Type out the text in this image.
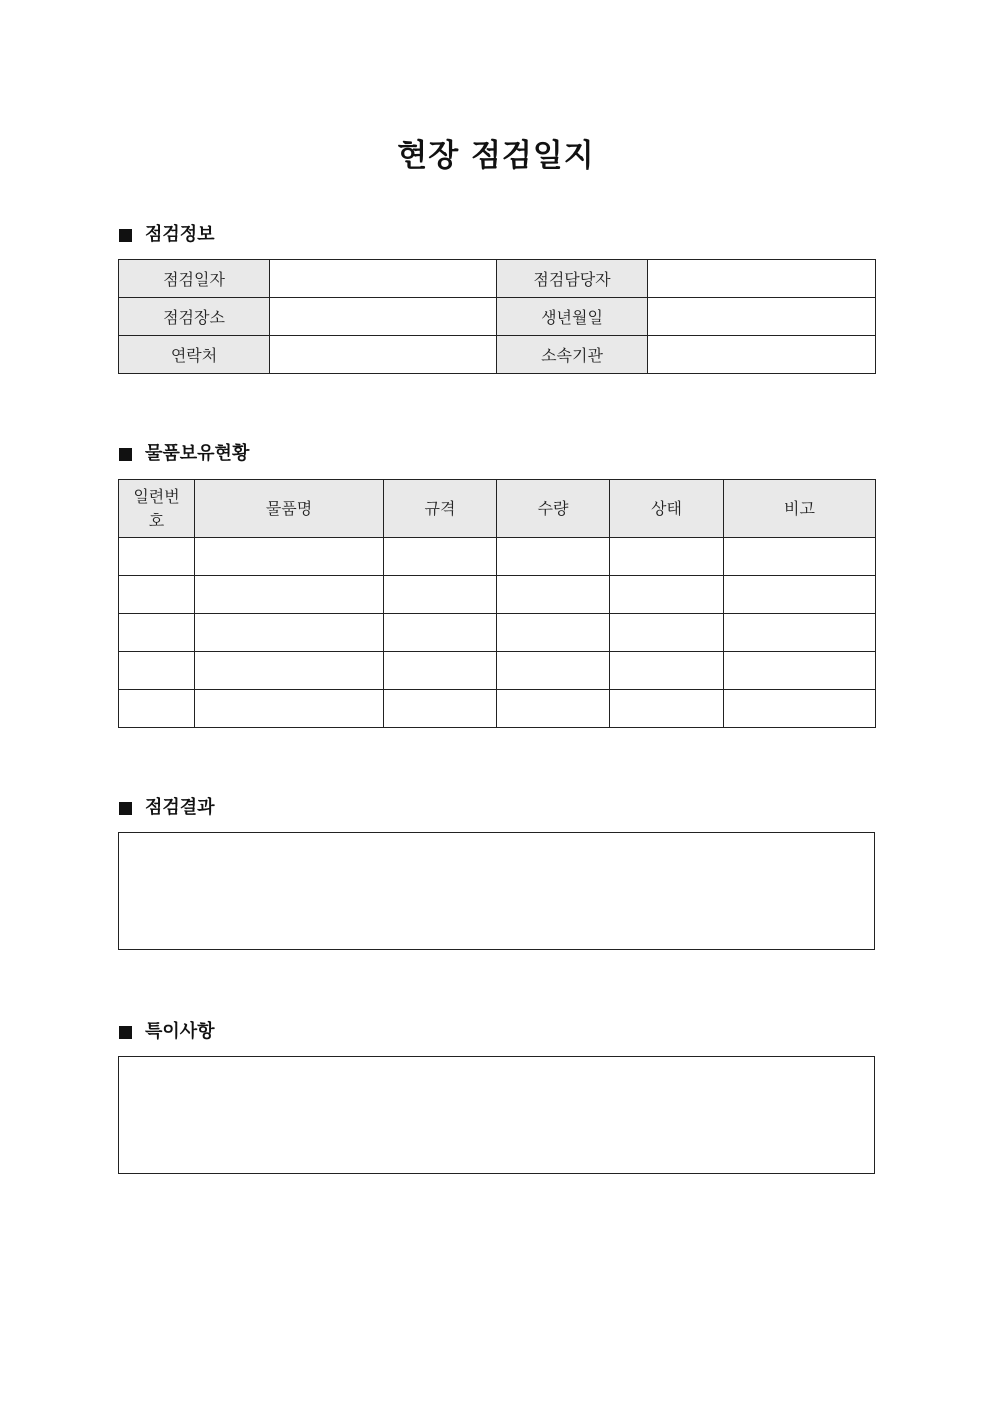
현장 점검일지
점검정보
점검일자		점검담당자	
점검장소		생년월일	
연락처		소속기관	
물품보유현황
일련번호	물품명	규격	수량	상태	비고

점검결과
특이사항
